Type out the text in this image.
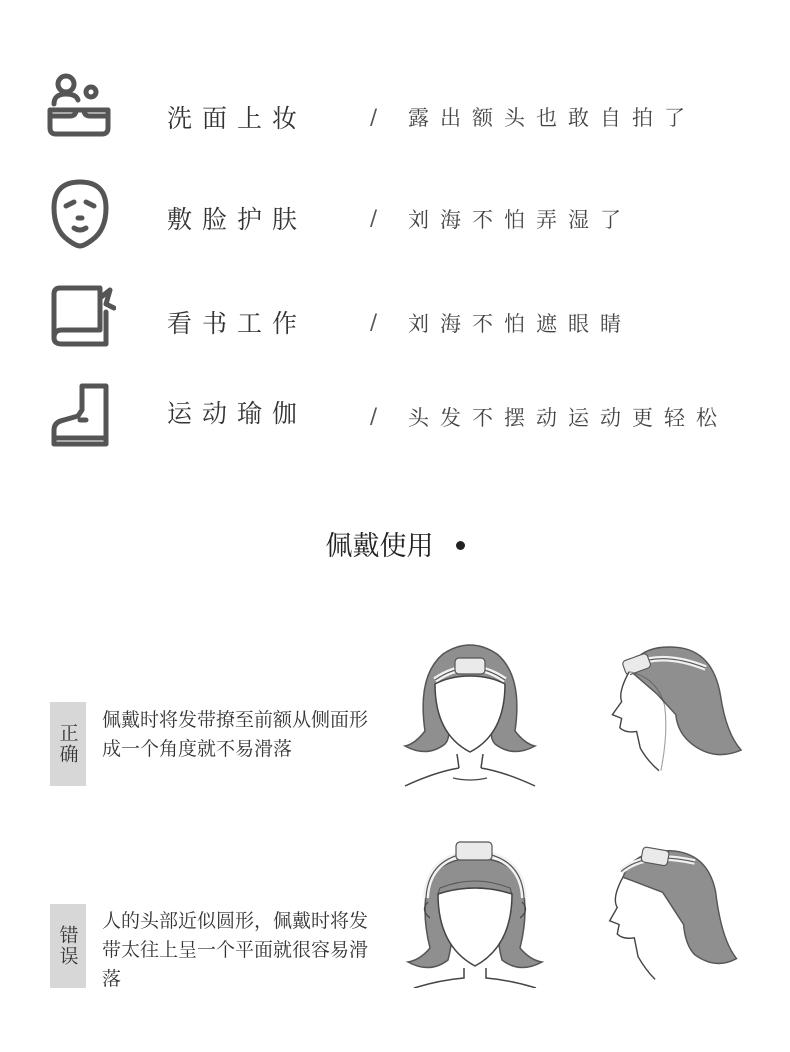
洗面上妆	/ 露出额头也敢自拍了
敷脸护肤	/ 刘海不怕弄湿了
看书工作	/ 刘海不怕遮眼睛
运动瑜伽	/ 头发不摆动运动更轻松
佩戴使用
正确
佩戴时将发带撩至前额从侧面形成一个角度就不易滑落
错误
人的头部近似圆形，佩戴时将发带太往上呈一个平面就很容易滑落
